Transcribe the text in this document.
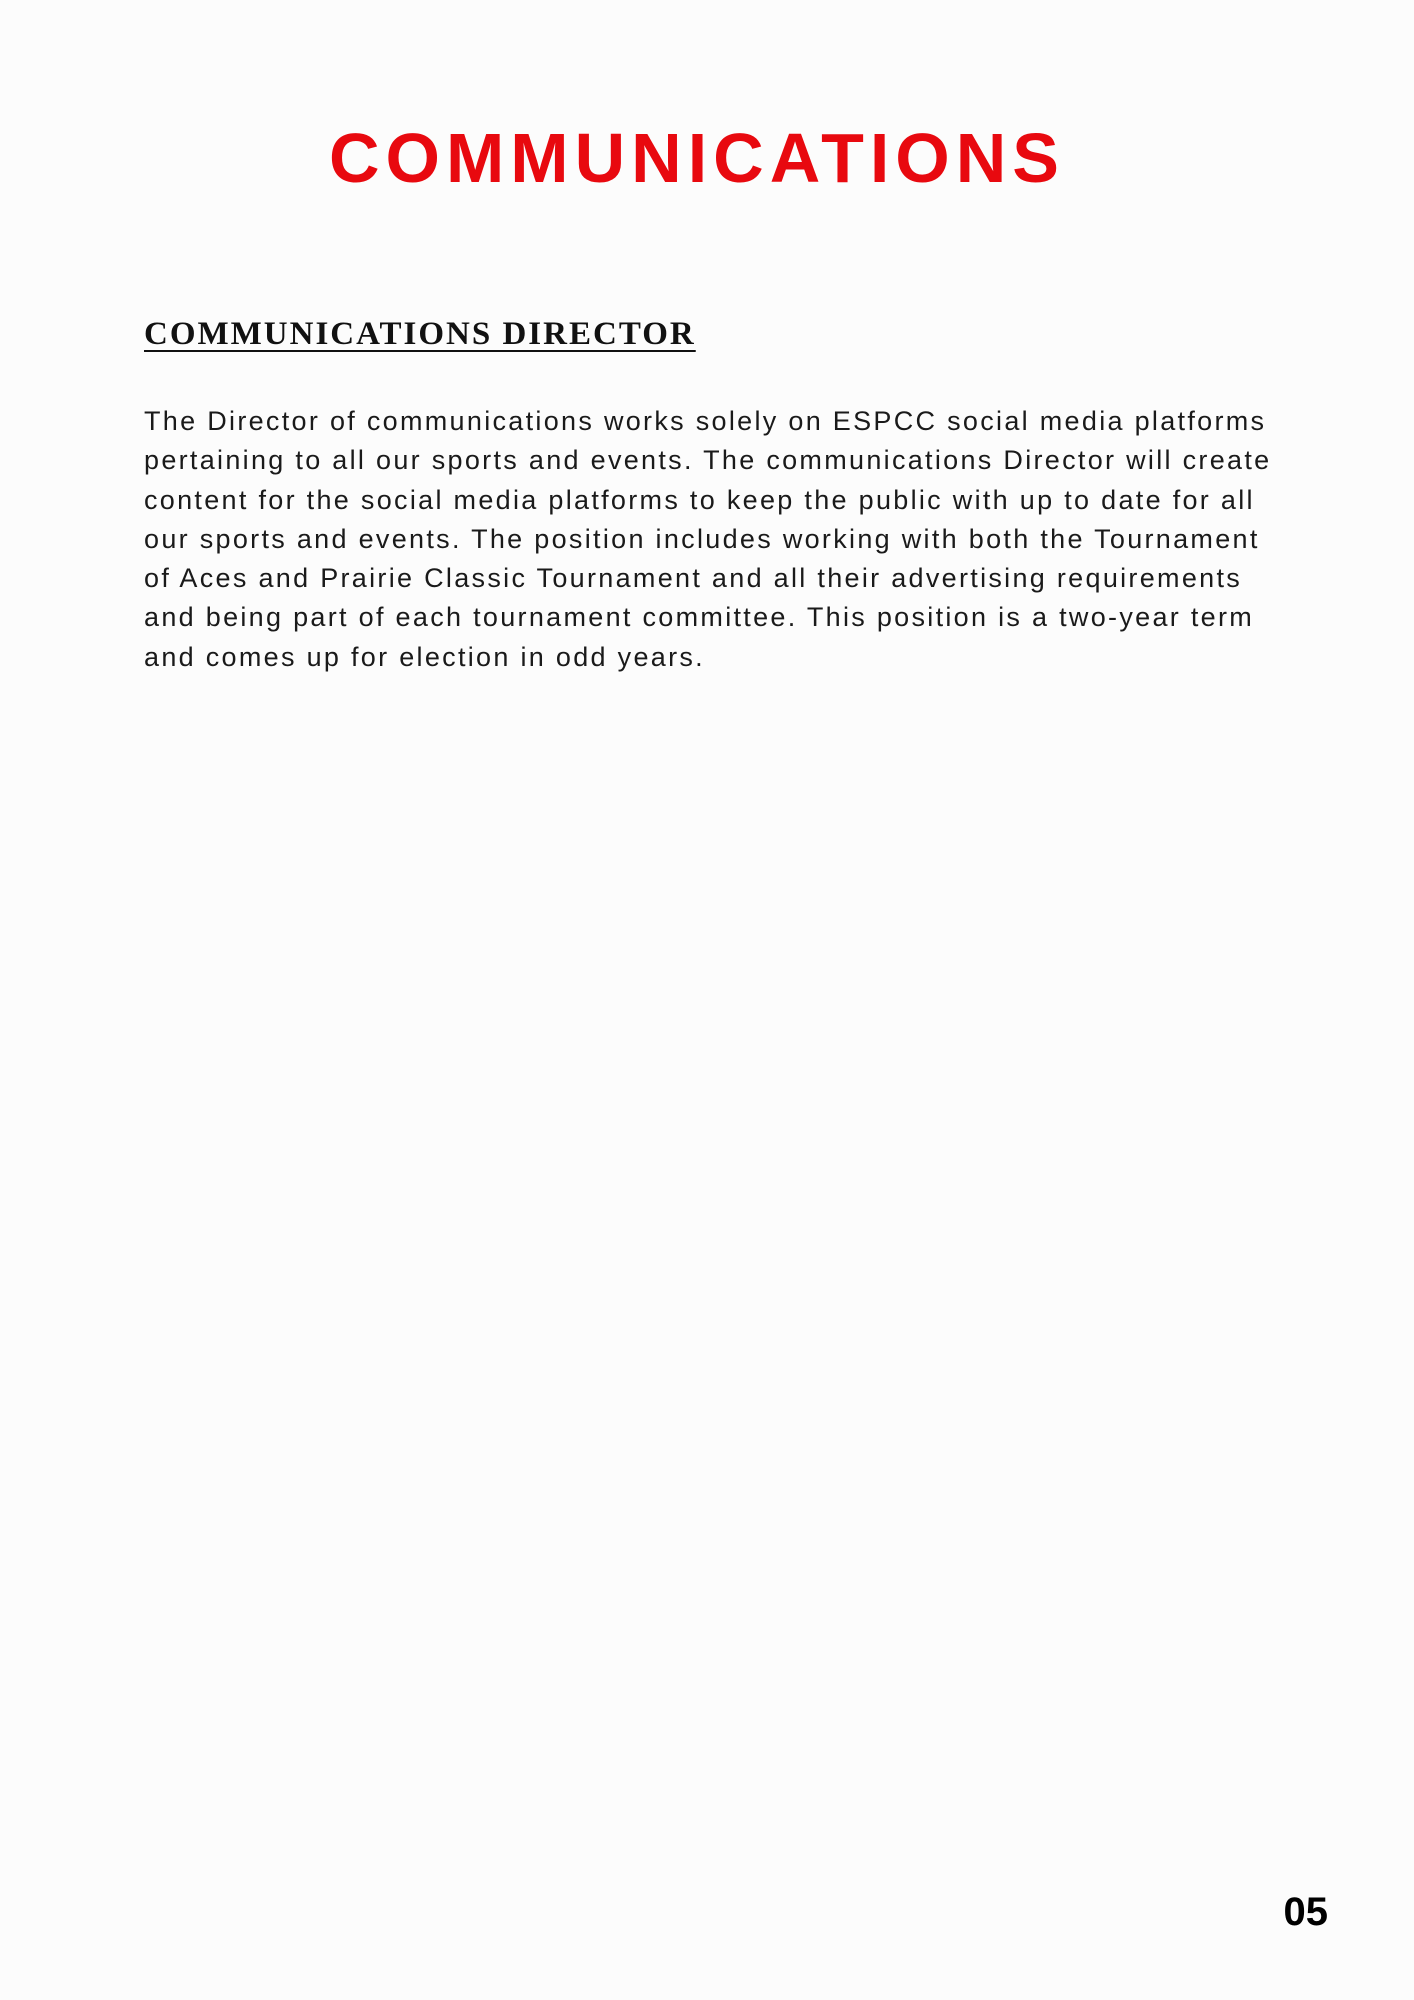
COMMUNICATIONS
COMMUNICATIONS DIRECTOR

The Director of communications works solely on ESPCC social media platforms pertaining to all our sports and events. The communications Director will create content for the social media platforms to keep the public with up to date for all our sports and events. The position includes working with both the Tournament of Aces and Prairie Classic Tournament and all their advertising requirements and being part of each tournament committee. This position is a two-year term and comes up for election in odd years.

05
